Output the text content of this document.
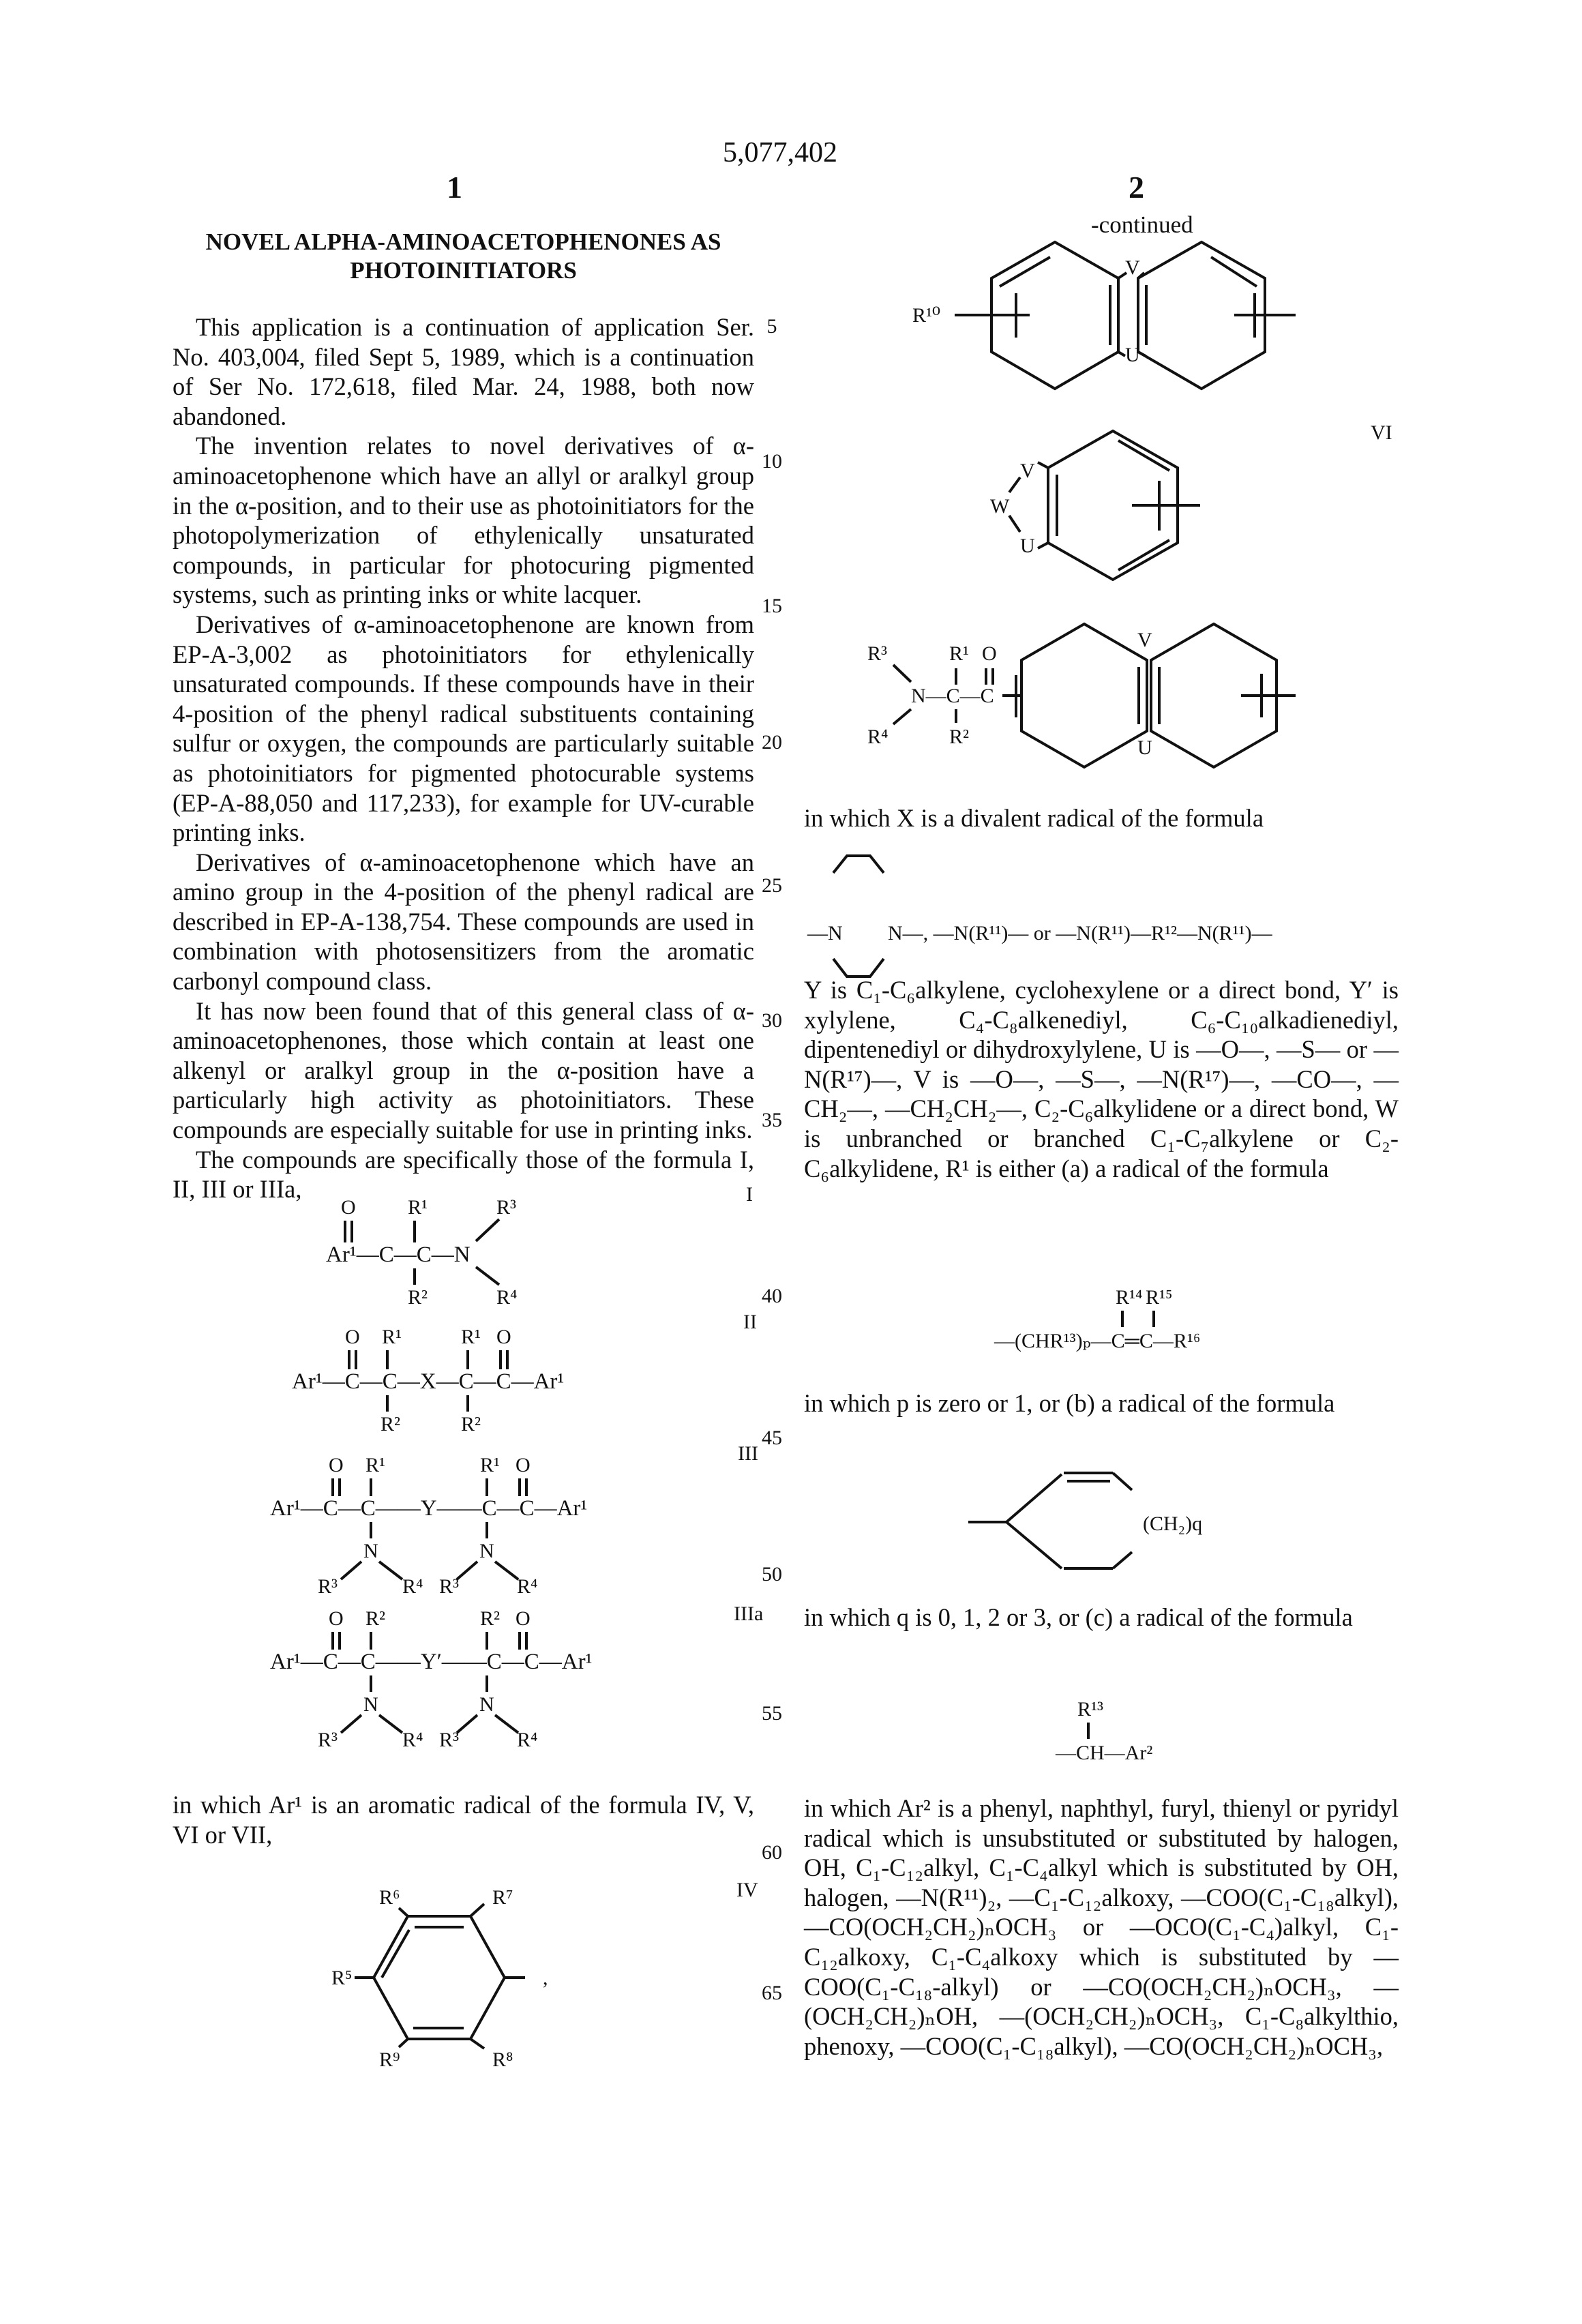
5,077,402
1	2
NOVEL ALPHA-AMINOACETOPHENONES AS PHOTOINITIATORS

This application is a continuation of application Ser. No. 403,004, filed Sept 5, 1989, which is a continuation of Ser No. 172,618, filed Mar. 24, 1988, both now abandoned.

The invention relates to novel derivatives of α-aminoacetophenone which have an allyl or aralkyl group in the α-position, and to their use as photoinitiators for the photopolymerization of ethylenically unsaturated compounds, in particular for photocuring pigmented systems, such as printing inks or white lacquer.

Derivatives of α-aminoacetophenone are known from EP-A-3,002 as photoinitiators for ethylenically unsaturated compounds. If these compounds have in their 4-position of the phenyl radical substituents containing sulfur or oxygen, the compounds are particularly suitable as photoinitiators for pigmented photocurable systems (EP-A-88,050 and 117,233), for example for UV-curable printing inks.

Derivatives of α-aminoacetophenone which have an amino group in the 4-position of the phenyl radical are described in EP-A-138,754. These compounds are used in combination with photosensitizers from the aromatic carbonyl compound class.

It has now been found that of this general class of α-aminoacetophenones, those which contain at least one alkenyl or aralkyl group in the α-position have a particularly high activity as photoinitiators. These compounds are especially suitable for use in printing inks.

The compounds are specifically those of the formula I, II, III or IIIa,

in which Ar¹ is an aromatic radical of the formula IV, V, VI or VII,

-continued

in which X is a divalent radical of the formula

Y is C₁-C₆alkylene, cyclohexylene or a direct bond, Y′ is xylylene, C₄-C₈alkenediyl, C₆-C₁₀alkadienediyl, dipentenediyl or dihydroxylylene, U is —O—, —S— or —N(R¹⁷)—, V is —O—, —S—, —N(R¹⁷)—, —CO—, —CH₂—, —CH₂CH₂—, C₂-C₆alkylidene or a direct bond, W is unbranched or branched C₁-C₇alkylene or C₂-C₆alkylidene, R¹ is either (a) a radical of the formula

in which p is zero or 1, or (b) a radical of the formula

in which q is 0, 1, 2 or 3, or (c) a radical of the formula

in which Ar² is a phenyl, naphthyl, furyl, thienyl or pyridyl radical which is unsubstituted or substituted by halogen, OH, C₁-C₁₂alkyl, C₁-C₄alkyl which is substituted by OH, halogen, —N(R¹¹)₂, —C₁-C₁₂alkoxy, —COO(C₁-C₁₈alkyl), —CO(OCH₂CH₂)ₙOCH₃ or —OCO(C₁-C₄)alkyl, C₁-C₁₂alkoxy, C₁-C₄alkoxy which is substituted by —COO(C₁-C₁₈-alkyl) or —CO(OCH₂CH₂)ₙOCH₃, —(OCH₂CH₂)ₙOH, —(OCH₂CH₂)ₙOCH₃, C₁-C₈alkylthio, phenoxy, —COO(C₁-C₁₈alkyl), —CO(OCH₂CH₂)ₙOCH₃,

5
10
15
20
25
30
35
40
45
50
55
60
65
I
II
III
IIIa
IV
VI
O	R¹	R³
Ar¹—C—C—N
R²	R⁴
O R¹	R¹ O
Ar¹—C—C—X—C—C—Ar¹
R²	R²
O R¹	R¹ O
Ar¹—C—C——Y——C—C—Ar¹
N	N
R³	R⁴ R³	R⁴
O R²	R² O
Ar¹—C—C——Y′——C—C—Ar¹
N	N
R³	R⁴ R³	R⁴
R⁶	R⁷
R⁵
R⁹	R⁸
,
R¹⁰
V
U
V
W
U
R³	R¹ O
N—C—C
R⁴	R²
V
U
—N N—, —N(R¹¹)— or —N(R¹¹)—R¹²—N(R¹¹)—
R¹⁴ R¹⁵
—(CHR¹³)ₚ—C═C—R¹⁶
(CH₂)q
R¹³
—CH—Ar²
